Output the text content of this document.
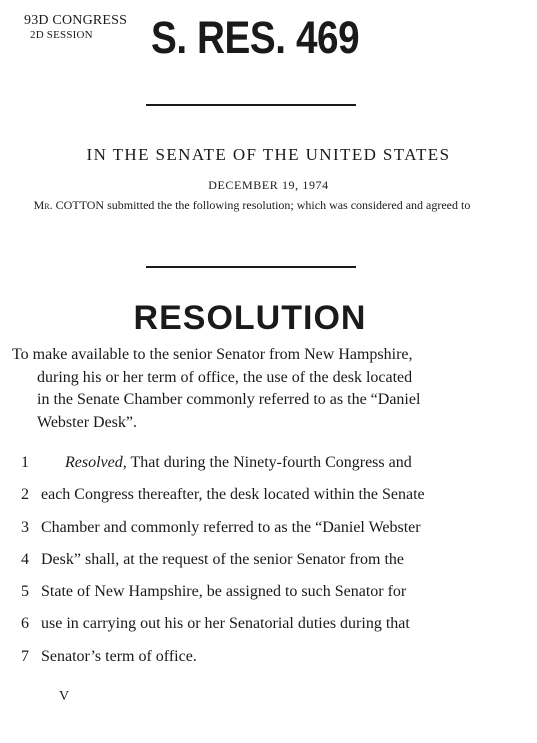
93D CONGRESS
2D SESSION	S. RES. 469
IN THE SENATE OF THE UNITED STATES
DECEMBER 19, 1974
Mr. COTTON submitted the the following resolution; which was considered and agreed to
RESOLUTION
To make available to the senior Senator from New Hampshire,
during his or her term of office, the use of the desk located
in the Senate Chamber commonly referred to as the “Daniel
Webster Desk”.
1 Resolved, That during the Ninety-fourth Congress and
2 each Congress thereafter, the desk located within the Senate
3 Chamber and commonly referred to as the “Daniel Webster
4 Desk” shall, at the request of the senior Senator from the
5 State of New Hampshire, be assigned to such Senator for
6 use in carrying out his or her Senatorial duties during that
7 Senator’s term of office.
V
